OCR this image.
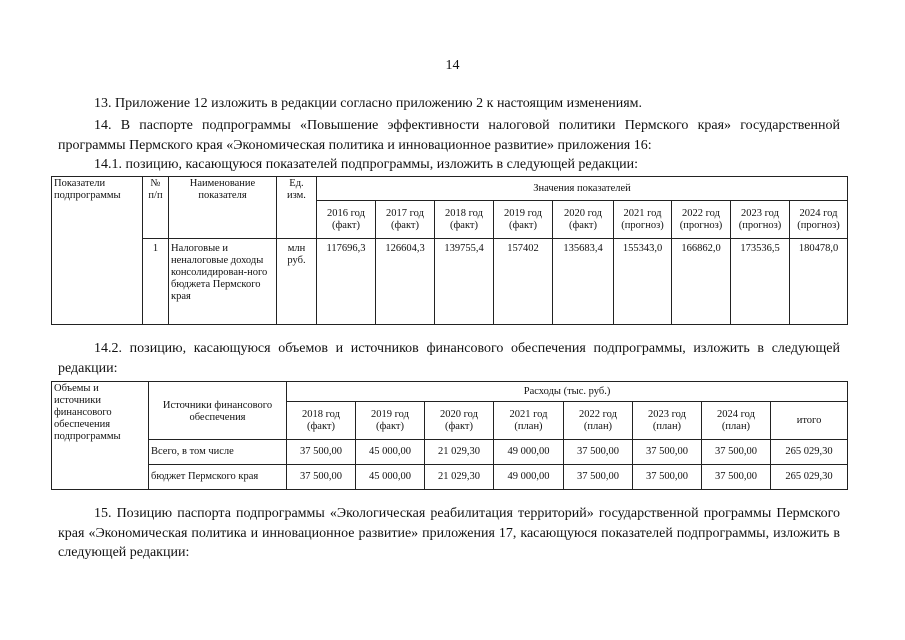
14
13. Приложение 12 изложить в редакции согласно приложению 2 к настоящим изменениям.
14. В паспорте подпрограммы «Повышение эффективности налоговой политики Пермского края» государственной программы Пермского края «Экономическая политика и инновационное развитие» приложения 16:
14.1. позицию, касающуюся показателей подпрограммы, изложить в следующей редакции:
Показатели подпрограммы	№ п/п	Наименование показателя	Ед. изм.	Значения показателей								
				2016 год (факт)	2017 год (факт)	2018 год (факт)	2019 год (факт)	2020 год (факт)	2021 год (прогноз)	2022 год (прогноз)	2023 год (прогноз)	2024 год (прогноз)
	1	Налоговые и неналоговые доходы консолидирован-ного бюджета Пермского края	млн руб.	117696,3	126604,3	139755,4	157402	135683,4	155343,0	166862,0	173536,5	180478,0
14.2. позицию, касающуюся объемов и источников финансового обеспечения подпрограммы, изложить в следующей редакции:
Объемы и источники финансового обеспечения подпрограммы	Источники финансового обеспечения	Расходы (тыс. руб.)							
		2018 год (факт)	2019 год (факт)	2020 год (факт)	2021 год (план)	2022 год (план)	2023 год (план)	2024 год (план)	итого
	Всего, в том числе	37 500,00	45 000,00	21 029,30	49 000,00	37 500,00	37 500,00	37 500,00	265 029,30
	бюджет Пермского края	37 500,00	45 000,00	21 029,30	49 000,00	37 500,00	37 500,00	37 500,00	265 029,30
15. Позицию паспорта подпрограммы «Экологическая реабилитация территорий» государственной программы Пермского края «Экономическая политика и инновационное развитие» приложения 17, касающуюся показателей подпрограммы, изложить в следующей редакции:
